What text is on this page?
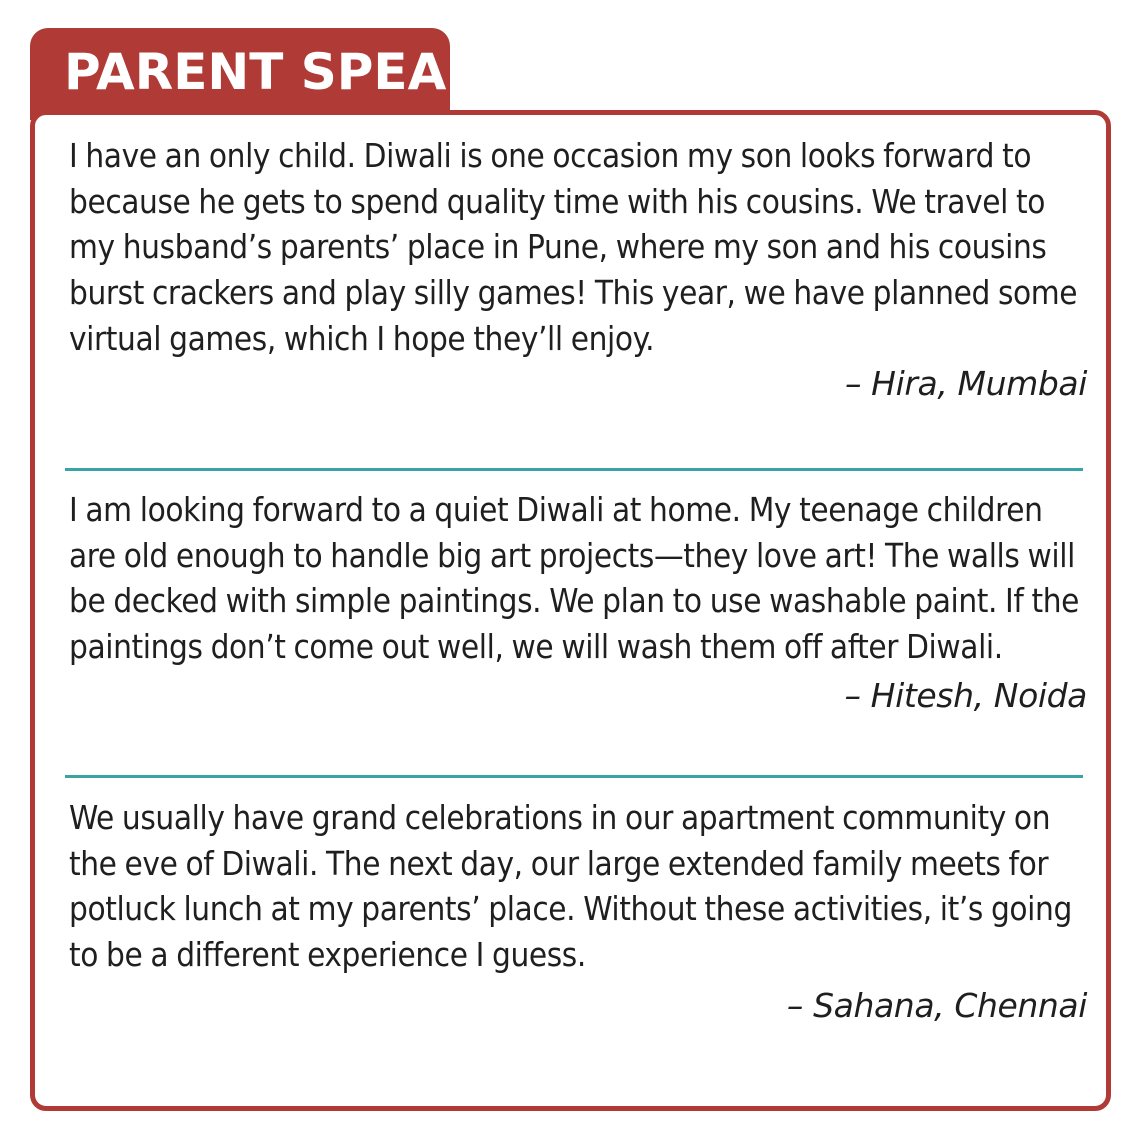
PARENT SPEAK

I have an only child. Diwali is one occasion my son looks forward to because he gets to spend quality time with his cousins. We travel to my husband’s parents’ place in Pune, where my son and his cousins burst crackers and play silly games! This year, we have planned some virtual games, which I hope they’ll enjoy.

– Hira, Mumbai

I am looking forward to a quiet Diwali at home. My teenage children are old enough to handle big art projects—they love art! The walls will be decked with simple paintings. We plan to use washable paint. If the paintings don’t come out well, we will wash them off after Diwali.

– Hitesh, Noida

We usually have grand celebrations in our apartment community on the eve of Diwali. The next day, our large extended family meets for potluck lunch at my parents’ place. Without these activities, it’s going to be a different experience I guess.

– Sahana, Chennai
